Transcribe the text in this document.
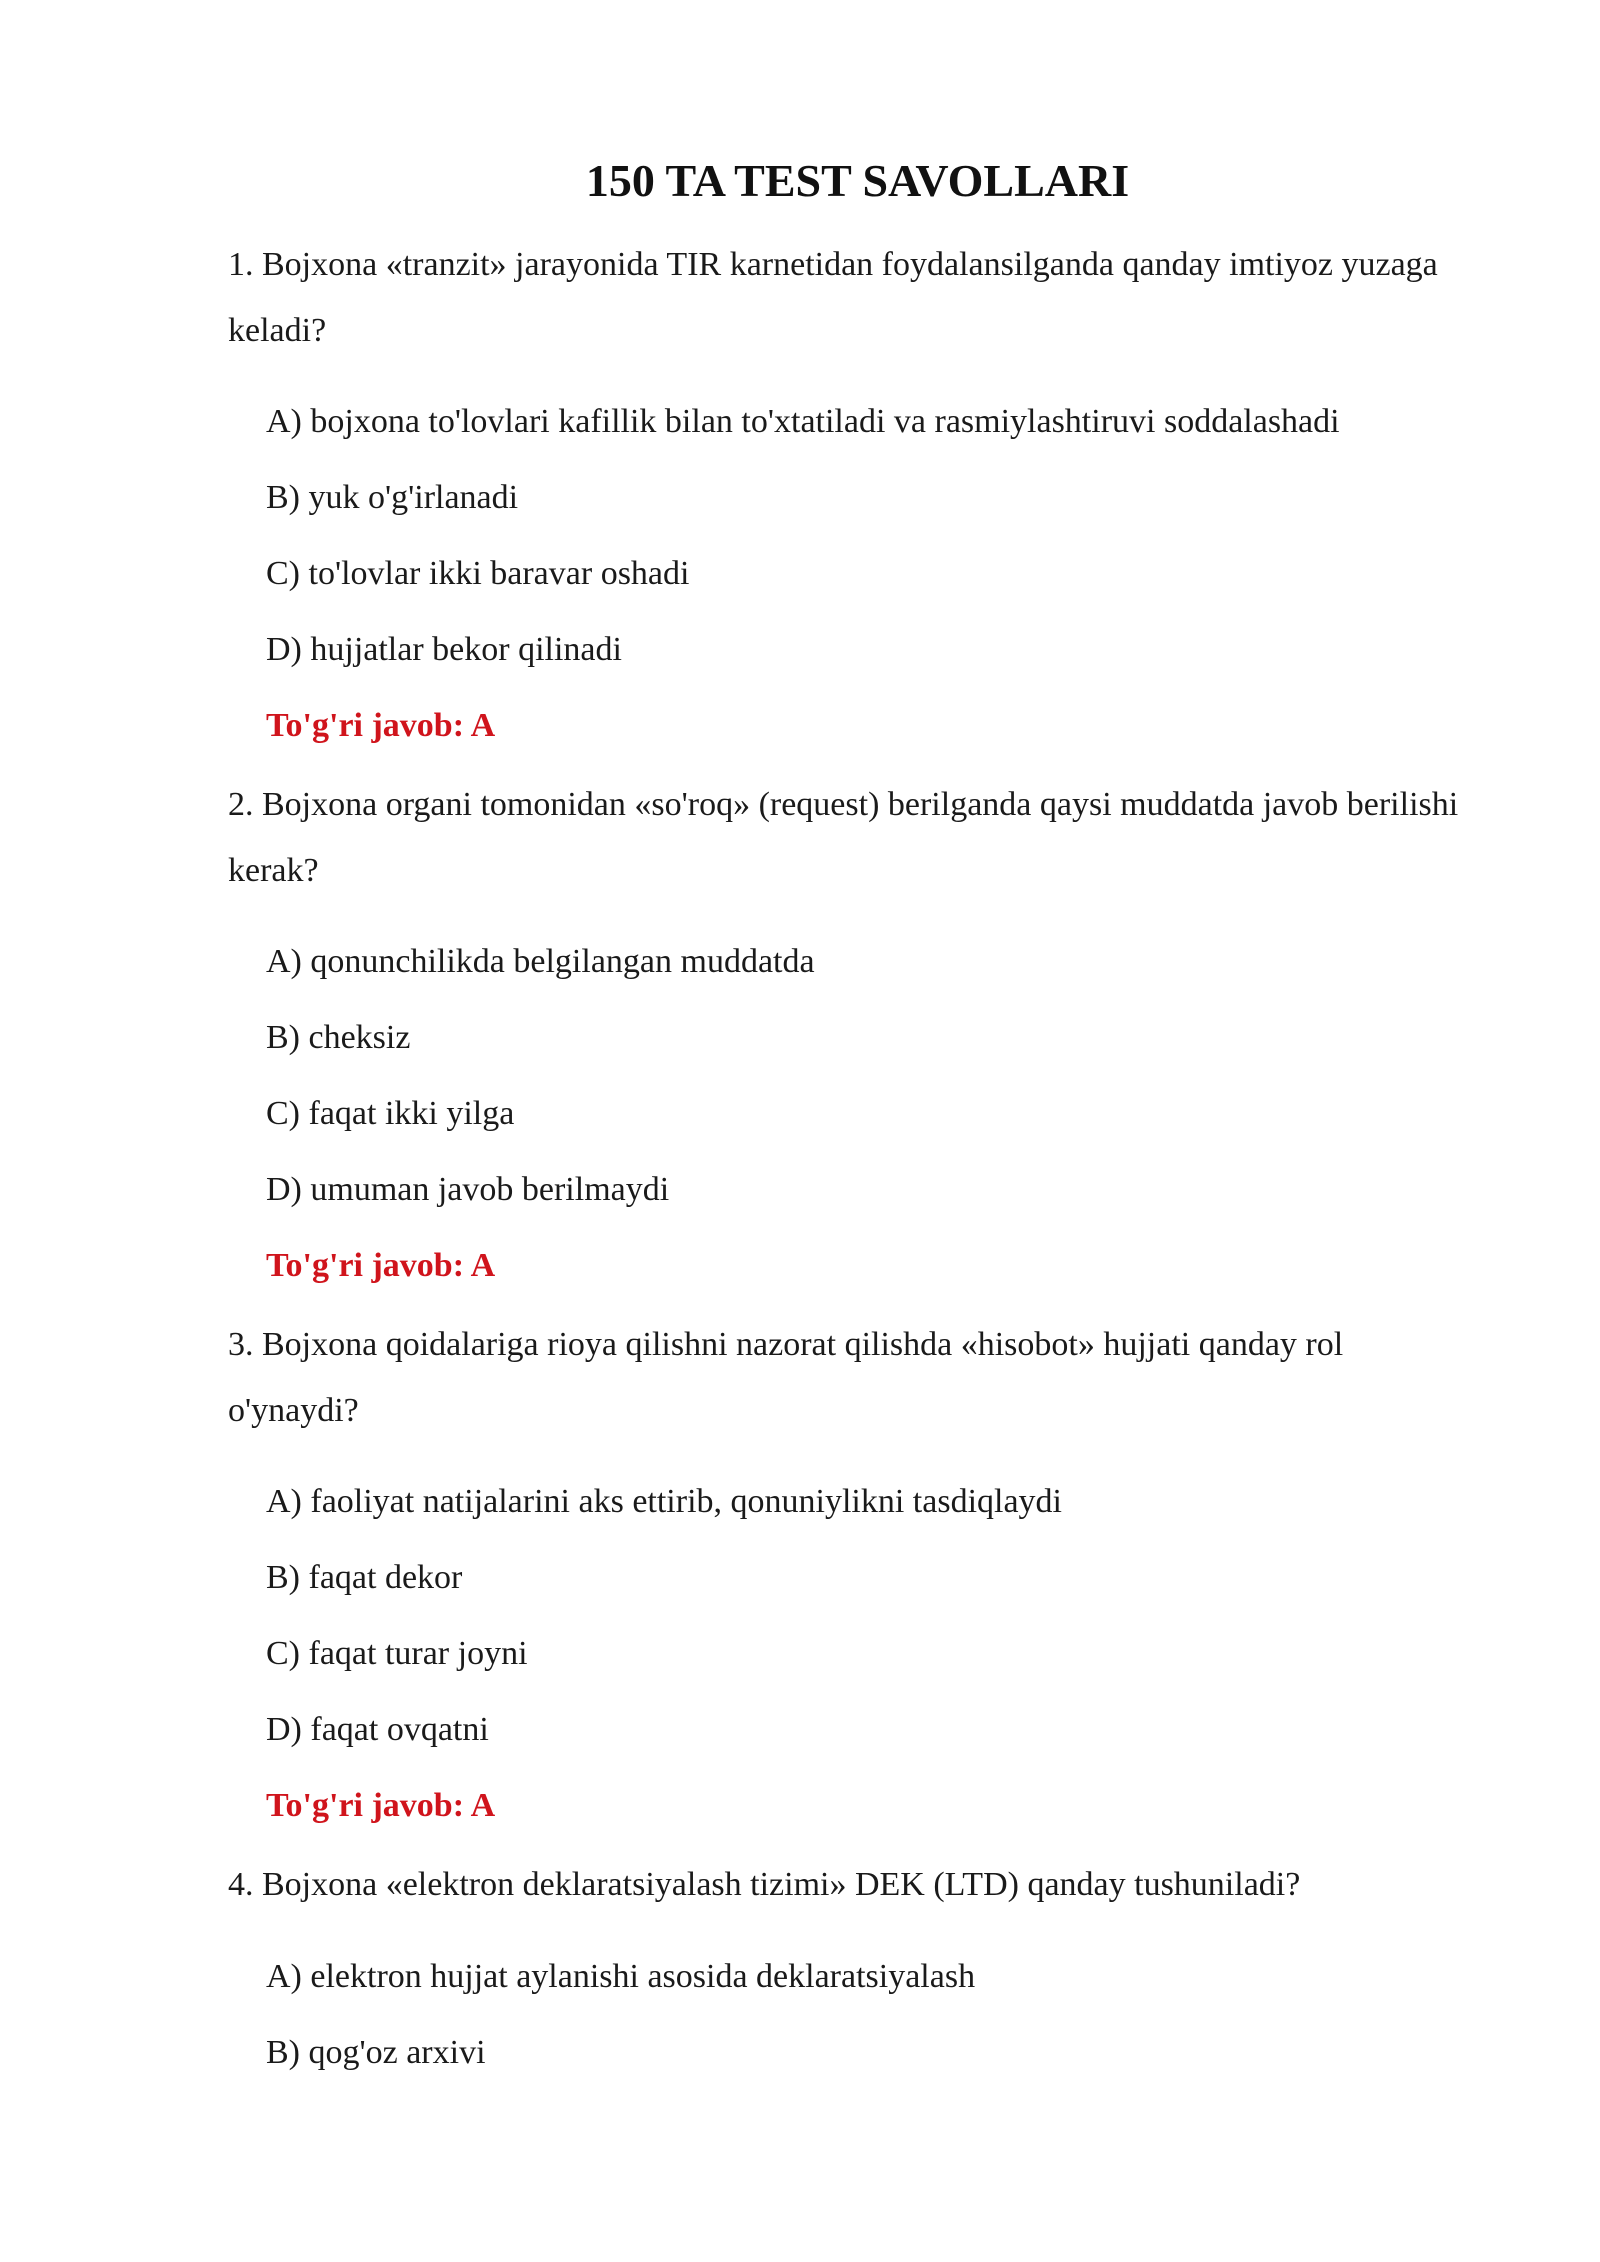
150 TA TEST SAVOLLARI

1. Bojxona «tranzit» jarayonida TIR karnetidan foydalansilganda qanday imtiyoz yuzaga keladi?

A) bojxona to'lovlari kafillik bilan to'xtatiladi va rasmiylashtiruvi soddalashadi

B) yuk o'g'irlanadi

C) to'lovlar ikki baravar oshadi

D) hujjatlar bekor qilinadi

To'g'ri javob: A

2. Bojxona organi tomonidan «so'roq» (request) berilganda qaysi muddatda javob berilishi kerak?

A) qonunchilikda belgilangan muddatda

B) cheksiz

C) faqat ikki yilga

D) umuman javob berilmaydi

To'g'ri javob: A

3. Bojxona qoidalariga rioya qilishni nazorat qilishda «hisobot» hujjati qanday rol o'ynaydi?

A) faoliyat natijalarini aks ettirib, qonuniylikni tasdiqlaydi

B) faqat dekor

C) faqat turar joyni

D) faqat ovqatni

To'g'ri javob: A

4. Bojxona «elektron deklaratsiyalash tizimi» DEK (LTD) qanday tushuniladi?

A) elektron hujjat aylanishi asosida deklaratsiyalash

B) qog'oz arxivi
